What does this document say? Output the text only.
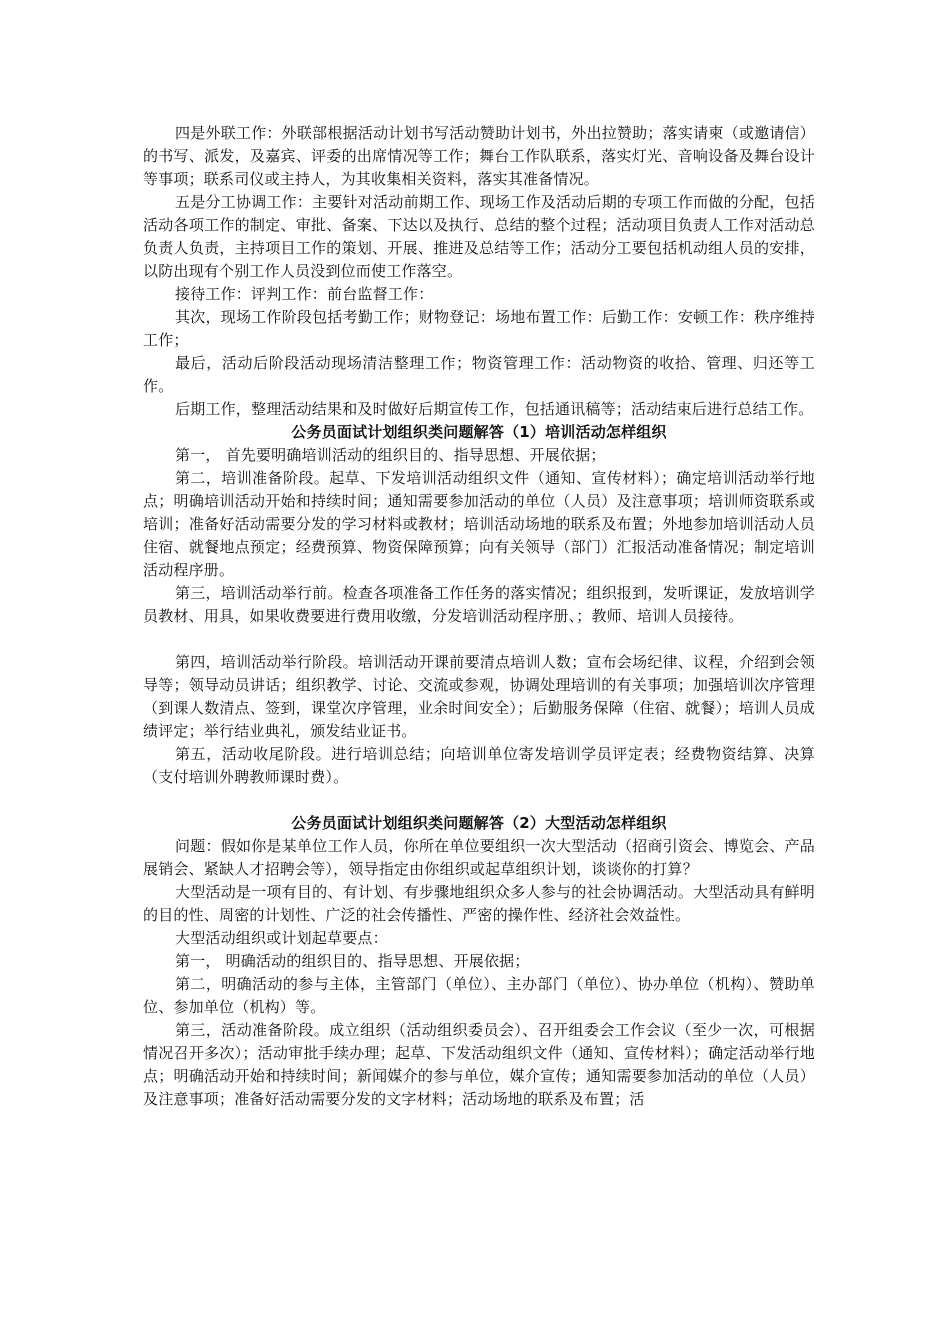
四是外联工作：外联部根据活动计划书写活动赞助计划书，外出拉赞助；落实请柬（或邀请信）的书写、派发，及嘉宾、评委的出席情况等工作；舞台工作队联系，落实灯光、音响设备及舞台设计等事项；联系司仪或主持人，为其收集相关资料，落实其准备情况。

五是分工协调工作：主要针对活动前期工作、现场工作及活动后期的专项工作而做的分配，包括活动各项工作的制定、审批、备案、下达以及执行、总结的整个过程；活动项目负责人工作对活动总负责人负责，主持项目工作的策划、开展、推进及总结等工作；活动分工要包括机动组人员的安排，以防出现有个别工作人员没到位而使工作落空。

接待工作：评判工作：前台监督工作：

其次，现场工作阶段包括考勤工作；财物登记：场地布置工作：后勤工作：安顿工作：秩序维持工作；

最后，活动后阶段活动现场清洁整理工作；物资管理工作：活动物资的收拾、管理、归还等工作。

后期工作，整理活动结果和及时做好后期宣传工作，包括通讯稿等；活动结束后进行总结工作。

公务员面试计划组织类问题解答（1）培训活动怎样组织

第一， 首先要明确培训活动的组织目的、指导思想、开展依据；

第二，培训准备阶段。起草、下发培训活动组织文件（通知、宣传材料）；确定培训活动举行地点；明确培训活动开始和持续时间；通知需要参加活动的单位（人员）及注意事项；培训师资联系或培训；准备好活动需要分发的学习材料或教材；培训活动场地的联系及布置；外地参加培训活动人员住宿、就餐地点预定；经费预算、物资保障预算；向有关领导（部门）汇报活动准备情况；制定培训活动程序册。

第三，培训活动举行前。检查各项准备工作任务的落实情况；组织报到，发听课证，发放培训学员教材、用具，如果收费要进行费用收缴，分发培训活动程序册、；教师、培训人员接待。

第四，培训活动举行阶段。培训活动开课前要清点培训人数；宣布会场纪律、议程，介绍到会领导等；领导动员讲话；组织教学、讨论、交流或参观，协调处理培训的有关事项；加强培训次序管理（到课人数清点、签到，课堂次序管理，业余时间安全）；后勤服务保障（住宿、就餐）；培训人员成绩评定；举行结业典礼，颁发结业证书。

第五，活动收尾阶段。进行培训总结；向培训单位寄发培训学员评定表；经费物资结算、决算（支付培训外聘教师课时费）。

公务员面试计划组织类问题解答（2）大型活动怎样组织

问题：假如你是某单位工作人员，你所在单位要组织一次大型活动（招商引资会、博览会、产品展销会、紧缺人才招聘会等），领导指定由你组织或起草组织计划，谈谈你的打算？

大型活动是一项有目的、有计划、有步骤地组织众多人参与的社会协调活动。大型活动具有鲜明的目的性、周密的计划性、广泛的社会传播性、严密的操作性、经济社会效益性。

大型活动组织或计划起草要点：

第一， 明确活动的组织目的、指导思想、开展依据；

第二，明确活动的参与主体，主管部门（单位）、主办部门（单位）、协办单位（机构）、赞助单位、参加单位（机构）等。

第三，活动准备阶段。成立组织（活动组织委员会）、召开组委会工作会议（至少一次，可根据情况召开多次）；活动审批手续办理；起草、下发活动组织文件（通知、宣传材料）；确定活动举行地点；明确活动开始和持续时间；新闻媒介的参与单位，媒介宣传；通知需要参加活动的单位（人员）及注意事项；准备好活动需要分发的文字材料；活动场地的联系及布置；活
